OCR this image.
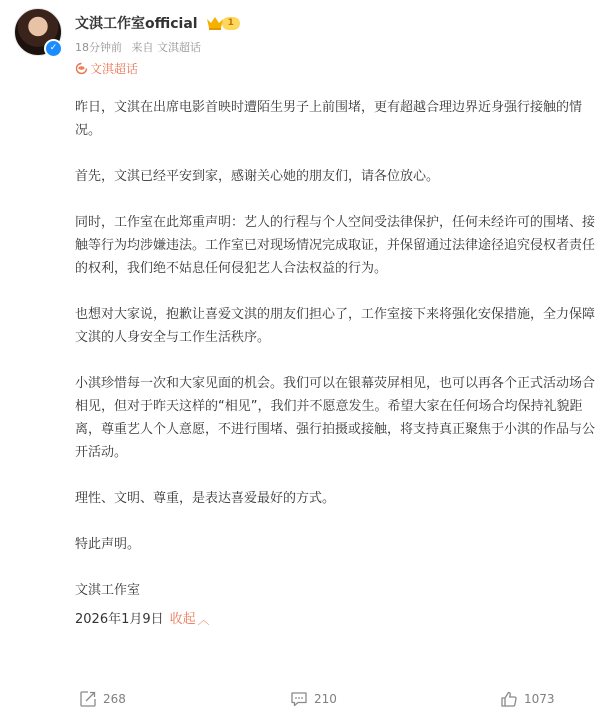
✓
文淇工作室official	1
18分钟前 来自 文淇超话
文淇超话

昨日，文淇在出席电影首映时遭陌生男子上前围堵，更有超越合理边界近身强行接触的情况。

首先，文淇已经平安到家，感谢关心她的朋友们，请各位放心。

同时，工作室在此郑重声明：艺人的行程与个人空间受法律保护，任何未经许可的围堵、接触等行为均涉嫌违法。工作室已对现场情况完成取证，并保留通过法律途径追究侵权者责任的权利，我们绝不姑息任何侵犯艺人合法权益的行为。

也想对大家说，抱歉让喜爱文淇的朋友们担心了，工作室接下来将强化安保措施，全力保障文淇的人身安全与工作生活秩序。

小淇珍惜每一次和大家见面的机会。我们可以在银幕荧屏相见，也可以再各个正式活动场合相见，但对于昨天这样的“相见”，我们并不愿意发生。希望大家在任何场合均保持礼貌距离，尊重艺人个人意愿，不进行围堵、强行拍摄或接触，将支持真正聚焦于小淇的作品与公开活动。

理性、文明、尊重，是表达喜爱最好的方式。

特此声明。

文淇工作室

2026年1月9日 收起 ︿
268	210	1073
